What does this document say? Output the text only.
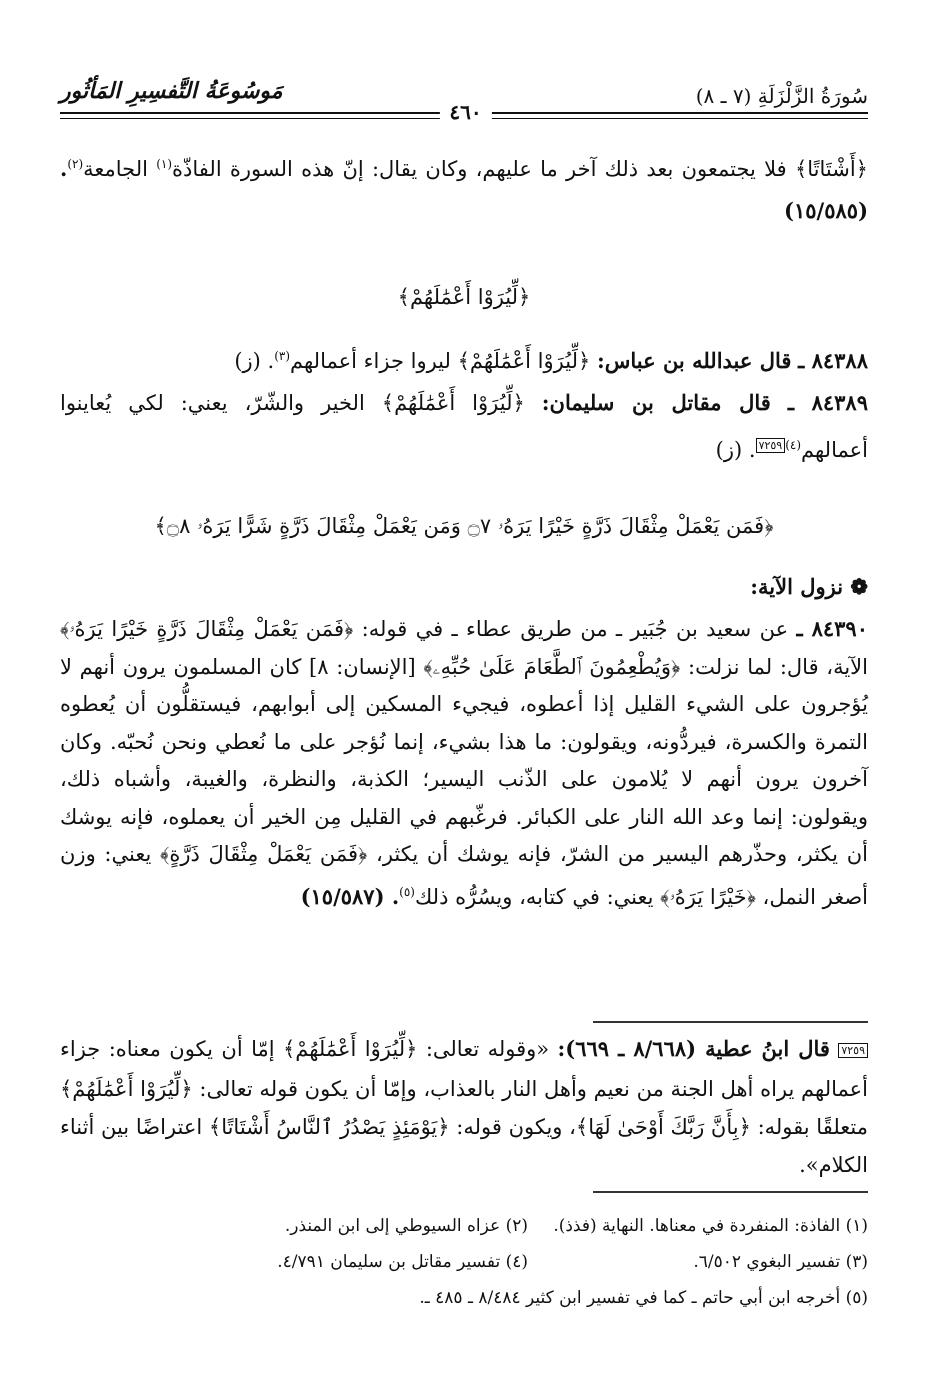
سُورَةُ الزَّلْزَلَةِ (٧ ـ ٨)
مَوسُوعَةُ التَّفسِيرِ المَأثُور
٤٦٠

﴿أَشْتَاتًا﴾ فلا يجتمعون بعد ذلك آخر ما عليهم، وكان يقال: إنّ هذه السورة الفاذّة$^{(١)}$ الجامعة$^{(٢)}$. (١٥/٥٨٥)

﴿لِّيُرَوْا أَعْمَٰلَهُمْ﴾

٨٤٣٨٨ ـ قال عبدالله بن عباس: ﴿لِّيُرَوْا أَعْمَٰلَهُمْ﴾ ليروا جزاء أعمالهم$^{(٣)}$. (ز)

٨٤٣٨٩ ـ قال مقاتل بن سليمان: ﴿لِّيُرَوْا أَعْمَٰلَهُمْ﴾ الخير والشّرّ، يعني: لكي يُعاينوا أعمالهم$^{(٤)٧٢٥٩}$. (ز)

﴿فَمَن يَعْمَلْ مِثْقَالَ ذَرَّةٍ خَيْرًا يَرَهُۥ ۝٧ وَمَن يَعْمَلْ مِثْقَالَ ذَرَّةٍ شَرًّا يَرَهُۥ ۝٨﴾

❁ نزول الآية:

٨٤٣٩٠ ـ عن سعيد بن جُبَير ـ من طريق عطاء ـ في قوله: ﴿فَمَن يَعْمَلْ مِثْقَالَ ذَرَّةٍ خَيْرًا يَرَهُۥ﴾ الآية، قال: لما نزلت: ﴿وَيُطْعِمُونَ ٱلطَّعَامَ عَلَىٰ حُبِّهِۦ﴾ [الإنسان: ٨] كان المسلمون يرون أنهم لا يُؤجرون على الشيء القليل إذا أعطوه، فيجيء المسكين إلى أبوابهم، فيستقلُّون أن يُعطوه التمرة والكسرة، فيردُّونه، ويقولون: ما هذا بشيء، إنما نُؤجر على ما نُعطي ونحن نُحبّه. وكان آخرون يرون أنهم لا يُلامون على الذّنب اليسير؛ الكذبة، والنظرة، والغيبة، وأشباه ذلك، ويقولون: إنما وعد الله النار على الكبائر. فرغّبهم في القليل مِن الخير أن يعملوه، فإنه يوشك أن يكثر، وحذّرهم اليسير من الشرّ، فإنه يوشك أن يكثر، ﴿فَمَن يَعْمَلْ مِثْقَالَ ذَرَّةٍ﴾ يعني: وزن أصغر النمل، ﴿خَيْرًا يَرَهُۥ﴾ يعني: في كتابه، ويسُرُّه ذلك$^{(٥)}$. (١٥/٥٨٧)

٧٢٥٩ قال ابنُ عطية (٨/٦٦٨ ـ ٦٦٩): «وقوله تعالى: ﴿لِّيُرَوْا أَعْمَٰلَهُمْ﴾ إمّا أن يكون معناه: جزاء أعمالهم يراه أهل الجنة من نعيم وأهل النار بالعذاب، وإمّا أن يكون قوله تعالى: ﴿لِّيُرَوْا أَعْمَٰلَهُمْ﴾ متعلقًا بقوله: ﴿بِأَنَّ رَبَّكَ أَوْحَىٰ لَهَا﴾، ويكون قوله: ﴿يَوْمَئِذٍ يَصْدُرُ ٱلنَّاسُ أَشْتَاتًا﴾ اعتراضًا بين أثناء الكلام».

(١) الفاذة: المنفردة في معناها. النهاية (فذذ).
(٢) عزاه السيوطي إلى ابن المنذر.
(٣) تفسير البغوي ٦/٥٠٢.
(٤) تفسير مقاتل بن سليمان ٤/٧٩١.
(٥) أخرجه ابن أبي حاتم ـ كما في تفسير ابن كثير ٨/٤٨٤ ـ ٤٨٥ ـ.
